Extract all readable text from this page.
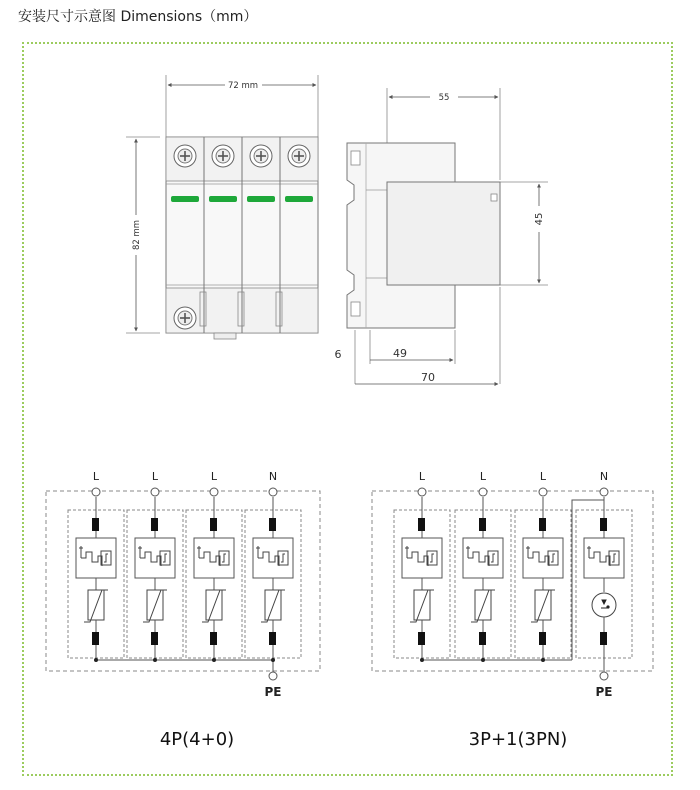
安装尺寸示意图 Dimensions（mm）
72 mm
82 mm
55
45
6	49
70
L	L	L	N
PE
4P(4+0)
L	L	L	N
PE
3P+1(3PN)
